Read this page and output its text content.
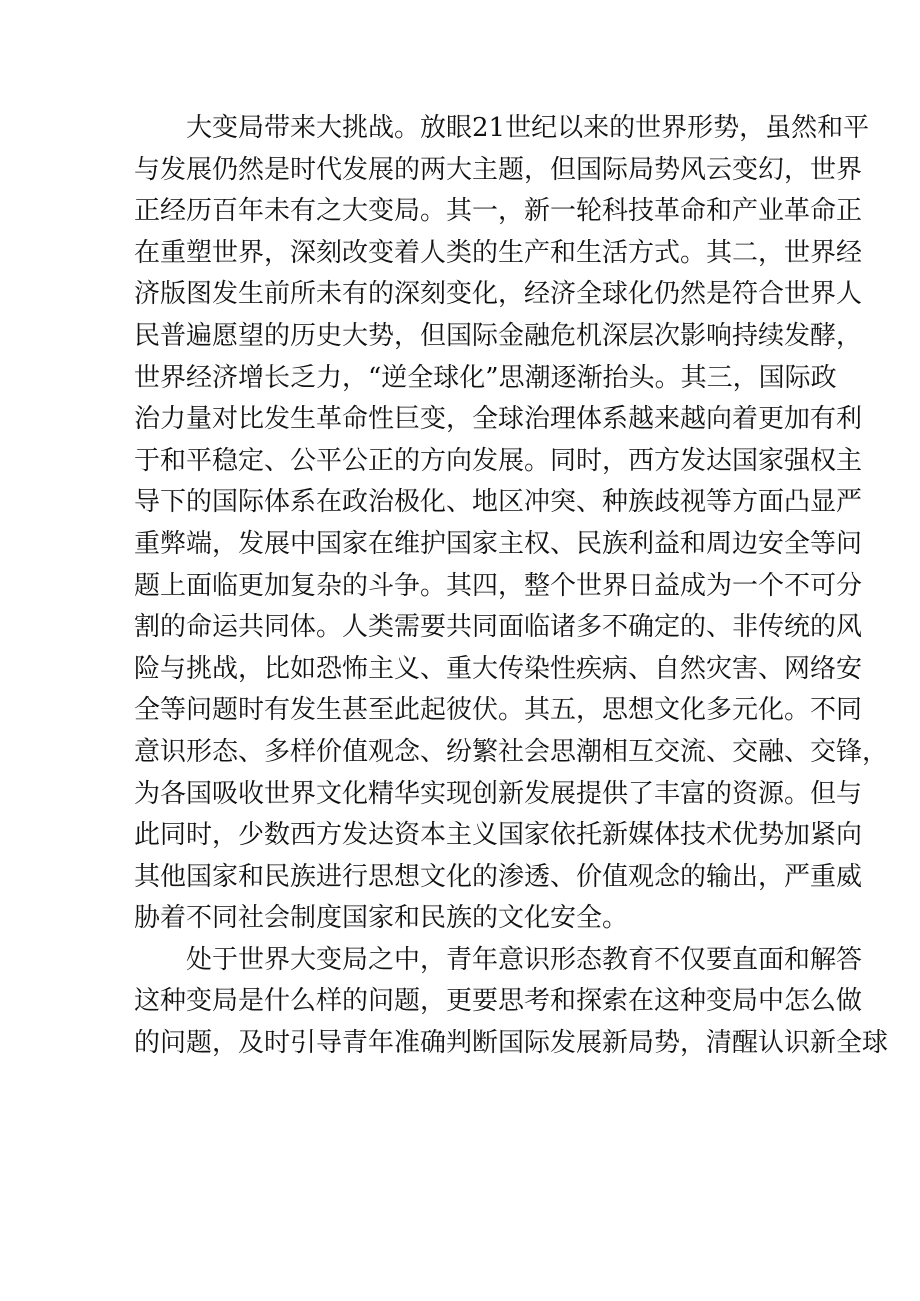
大变局带来大挑战。放眼21世纪以来的世界形势，虽然和平
与发展仍然是时代发展的两大主题，但国际局势风云变幻，世界
正经历百年未有之大变局。其一，新一轮科技革命和产业革命正
在重塑世界，深刻改变着人类的生产和生活方式。其二，世界经
济版图发生前所未有的深刻变化，经济全球化仍然是符合世界人
民普遍愿望的历史大势，但国际金融危机深层次影响持续发酵，
世界经济增长乏力，“逆全球化”思潮逐渐抬头。其三，国际政
治力量对比发生革命性巨变，全球治理体系越来越向着更加有利
于和平稳定、公平公正的方向发展。同时，西方发达国家强权主
导下的国际体系在政治极化、地区冲突、种族歧视等方面凸显严
重弊端，发展中国家在维护国家主权、民族利益和周边安全等问
题上面临更加复杂的斗争。其四，整个世界日益成为一个不可分
割的命运共同体。人类需要共同面临诸多不确定的、非传统的风
险与挑战，比如恐怖主义、重大传染性疾病、自然灾害、网络安
全等问题时有发生甚至此起彼伏。其五，思想文化多元化。不同
意识形态、多样价值观念、纷繁社会思潮相互交流、交融、交锋，
为各国吸收世界文化精华实现创新发展提供了丰富的资源。但与
此同时，少数西方发达资本主义国家依托新媒体技术优势加紧向
其他国家和民族进行思想文化的渗透、价值观念的输出，严重威
胁着不同社会制度国家和民族的文化安全。
处于世界大变局之中，青年意识形态教育不仅要直面和解答
这种变局是什么样的问题，更要思考和探索在这种变局中怎么做
的问题，及时引导青年准确判断国际发展新局势，清醒认识新全球
